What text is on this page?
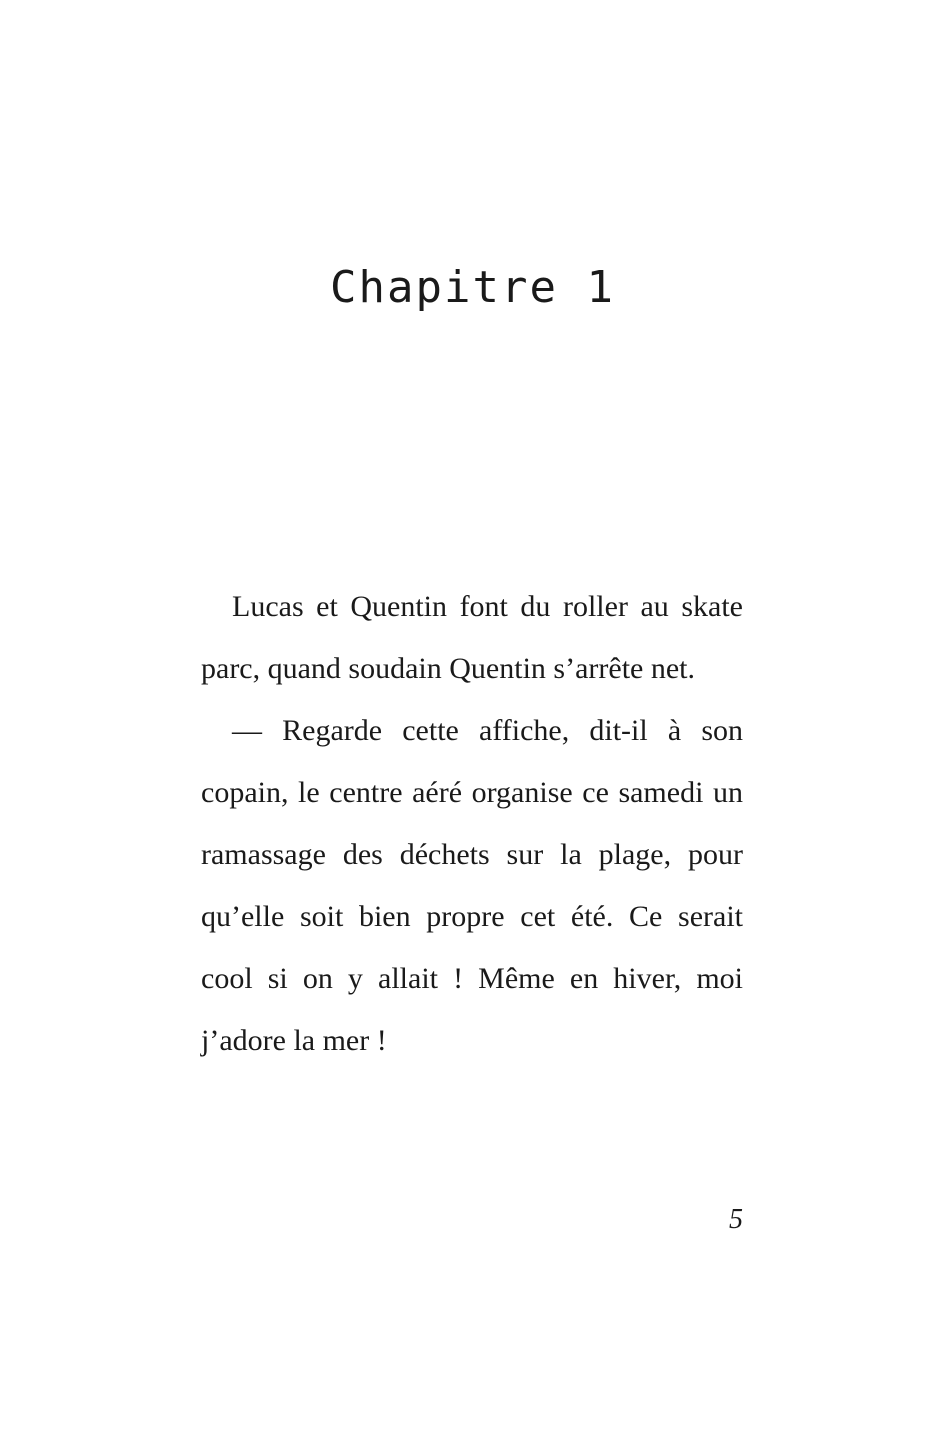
Chapitre 1

Lucas et Quentin font du roller au skate parc, quand soudain Quentin s’arrête net.

— Regarde cette affiche, dit-il à son copain, le centre aéré organise ce samedi un ramassage des déchets sur la plage, pour qu’elle soit bien propre cet été. Ce serait cool si on y allait ! Même en hiver, moi j’adore la mer !

5
